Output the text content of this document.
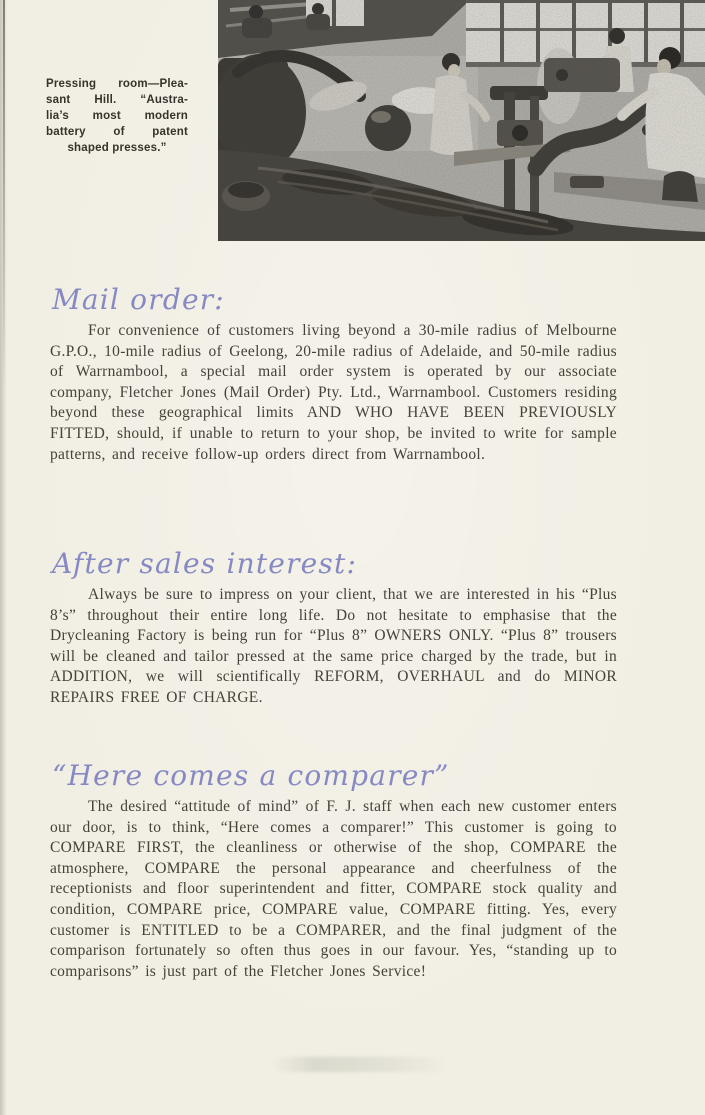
Pressing room—Plea-
sant Hill. “Austra-
lia’s most modern
battery of patent
shaped presses.”
Mail order:

For convenience of customers living beyond a 30-mile radius of Melbourne G.P.O., 10-mile radius of Geelong, 20-mile radius of Adelaide, and 50-mile radius of Warrnambool, a special mail order system is operated by our associate company, Fletcher Jones (Mail Order) Pty. Ltd., Warrnambool. Customers residing beyond these geographical limits AND WHO HAVE BEEN PREVIOUSLY FITTED, should, if unable to return to your shop, be invited to write for sample patterns, and receive follow-up orders direct from Warrnambool.

After sales interest:

Always be sure to impress on your client, that we are interested in his “Plus 8’s” throughout their entire long life. Do not hesitate to emphasise that the Drycleaning Factory is being run for “Plus 8” OWNERS ONLY. “Plus 8” trousers will be cleaned and tailor pressed at the same price charged by the trade, but in ADDITION, we will scientifically REFORM, OVERHAUL and do MINOR REPAIRS FREE OF CHARGE.

“Here comes a comparer”

The desired “attitude of mind” of F. J. staff when each new customer enters our door, is to think, “Here comes a comparer!” This customer is going to COMPARE FIRST, the cleanliness or otherwise of the shop, COMPARE the atmosphere, COMPARE the personal appearance and cheerfulness of the receptionists and floor superintendent and fitter, COMPARE stock quality and condition, COMPARE price, COMPARE value, COMPARE fitting. Yes, every customer is ENTITLED to be a COMPARER, and the final judgment of the comparison fortunately so often thus goes in our favour. Yes, “standing up to comparisons” is just part of the Fletcher Jones Service!
